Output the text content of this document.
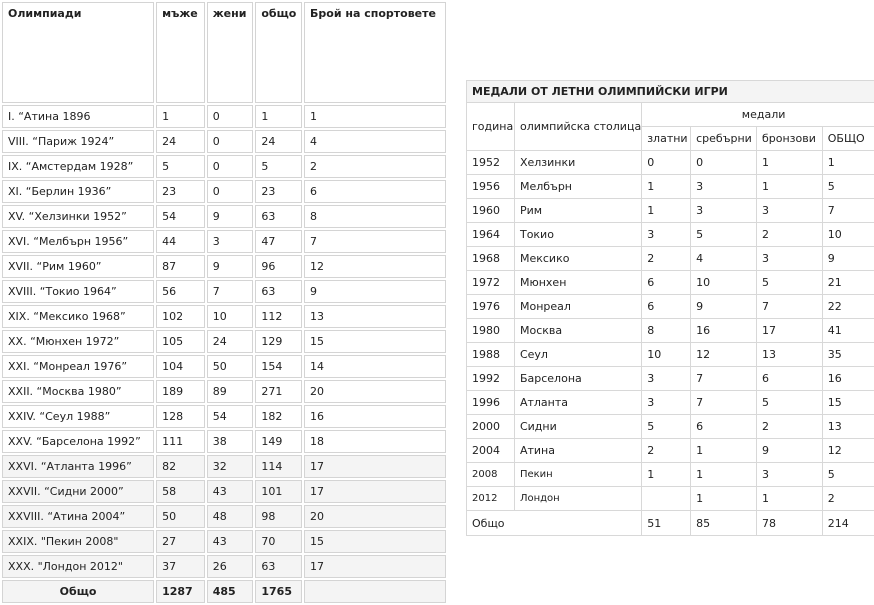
Олимпиади	мъже	жени	общо	Брой на спортовете
I. “Атина 1896	1	0	1	1
VIII. “Париж 1924”	24	0	24	4
IX. “Амстердам 1928”	5	0	5	2
XI. “Берлин 1936”	23	0	23	6
XV. “Хелзинки 1952”	54	9	63	8
XVI. “Мелбърн 1956”	44	3	47	7
XVII. “Рим 1960”	87	9	96	12
XVIII. “Токио 1964”	56	7	63	9
XIX. “Мексико 1968”	102	10	112	13
XX. “Мюнхен 1972”	105	24	129	15
XXI. “Монреал 1976”	104	50	154	14
XXII. “Москва 1980”	189	89	271	20
XXIV. “Сеул 1988”	128	54	182	16
XXV. “Барселона 1992”	111	38	149	18
XXVI. “Атланта 1996”	82	32	114	17
XXVII. “Сидни 2000”	58	43	101	17
XXVIII. “Атина 2004”	50	48	98	20
XXIX. "Пекин 2008"	27	43	70	15
XXX. "Лондон 2012"	37	26	63	17
Общо	1287	485	1765	
МЕДАЛИ ОТ ЛЕТНИ ОЛИМПИЙСКИ ИГРИ					
година	олимпийска столица	медали			
		златни	сребърни	бронзови	ОБЩО
1952	Хелзинки	0	0	1	1
1956	Мелбърн	1	3	1	5
1960	Рим	1	3	3	7
1964	Токио	3	5	2	10
1968	Мексико	2	4	3	9
1972	Мюнхен	6	10	5	21
1976	Монреал	6	9	7	22
1980	Москва	8	16	17	41
1988	Сеул	10	12	13	35
1992	Барселона	3	7	6	16
1996	Атланта	3	7	5	15
2000	Сидни	5	6	2	13
2004	Атина	2	1	9	12
2008	Пекин	1	1	3	5
2012	Лондон		1	1	2
Общо		51	85	78	214
